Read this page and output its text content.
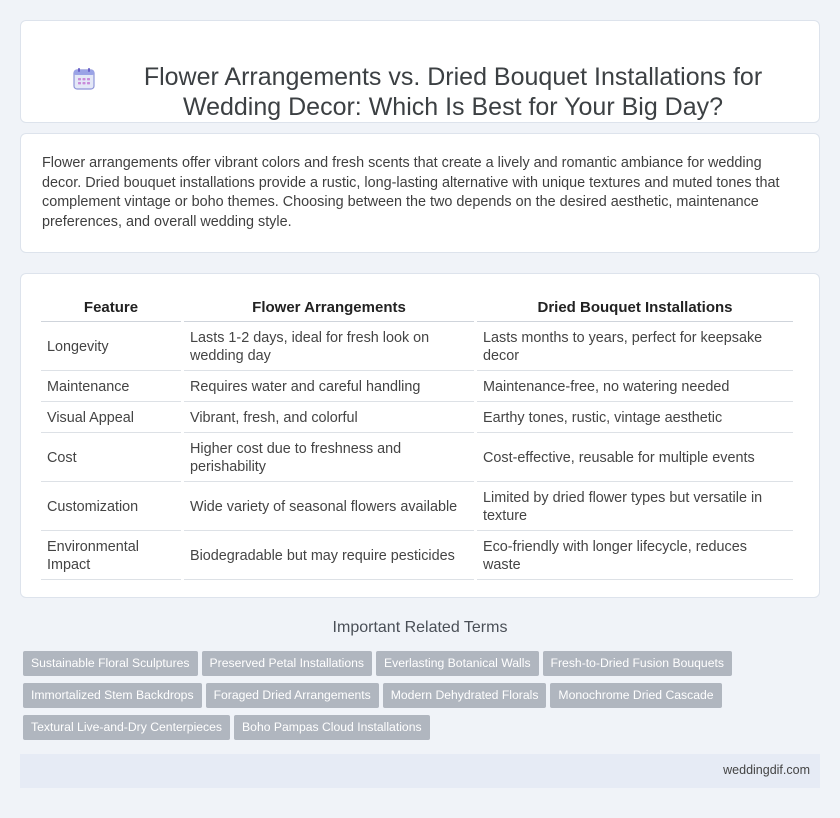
Flower Arrangements vs. Dried Bouquet Installations for Wedding Decor: Which Is Best for Your Big Day?

Flower arrangements offer vibrant colors and fresh scents that create a lively and romantic ambiance for wedding decor. Dried bouquet installations provide a rustic, long-lasting alternative with unique textures and muted tones that complement vintage or boho themes. Choosing between the two depends on the desired aesthetic, maintenance preferences, and overall wedding style.

Feature	Flower Arrangements	Dried Bouquet Installations
Longevity	Lasts 1-2 days, ideal for fresh look on wedding day	Lasts months to years, perfect for keepsake decor
Maintenance	Requires water and careful handling	Maintenance-free, no watering needed
Visual Appeal	Vibrant, fresh, and colorful	Earthy tones, rustic, vintage aesthetic
Cost	Higher cost due to freshness and perishability	Cost-effective, reusable for multiple events
Customization	Wide variety of seasonal flowers available	Limited by dried flower types but versatile in texture
Environmental Impact	Biodegradable but may require pesticides	Eco-friendly with longer lifecycle, reduces waste
Important Related Terms
Sustainable Floral Sculptures Preserved Petal Installations Everlasting Botanical Walls Fresh-to-Dried Fusion Bouquets
Immortalized Stem Backdrops Foraged Dried Arrangements Modern Dehydrated Florals Monochrome Dried Cascade
Textural Live-and-Dry Centerpieces Boho Pampas Cloud Installations
weddingdif.com
